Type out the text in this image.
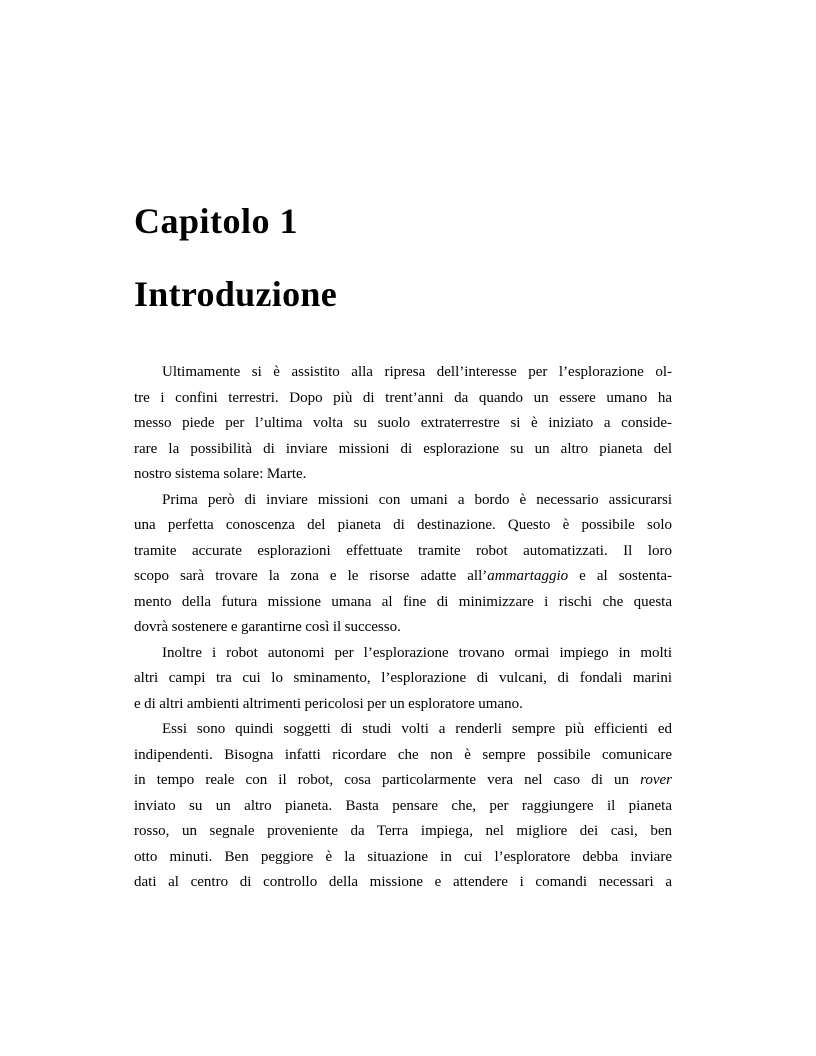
Capitolo 1
Introduzione
Ultimamente si è assistito alla ripresa dell’interesse per l’esplorazione ol-
tre i confini terrestri. Dopo più di trent’anni da quando un essere umano ha
messo piede per l’ultima volta su suolo extraterrestre si è iniziato a conside-
rare la possibilità di inviare missioni di esplorazione su un altro pianeta del
nostro sistema solare: Marte.
Prima però di inviare missioni con umani a bordo è necessario assicurarsi
una perfetta conoscenza del pianeta di destinazione. Questo è possibile solo
tramite accurate esplorazioni effettuate tramite robot automatizzati. Il loro
scopo sarà trovare la zona e le risorse adatte all’ammartaggio e al sostenta-
mento della futura missione umana al fine di minimizzare i rischi che questa
dovrà sostenere e garantirne così il successo.
Inoltre i robot autonomi per l’esplorazione trovano ormai impiego in molti
altri campi tra cui lo sminamento, l’esplorazione di vulcani, di fondali marini
e di altri ambienti altrimenti pericolosi per un esploratore umano.
Essi sono quindi soggetti di studi volti a renderli sempre più efficienti ed
indipendenti. Bisogna infatti ricordare che non è sempre possibile comunicare
in tempo reale con il robot, cosa particolarmente vera nel caso di un rover
inviato su un altro pianeta. Basta pensare che, per raggiungere il pianeta
rosso, un segnale proveniente da Terra impiega, nel migliore dei casi, ben
otto minuti. Ben peggiore è la situazione in cui l’esploratore debba inviare
dati al centro di controllo della missione e attendere i comandi necessari a
